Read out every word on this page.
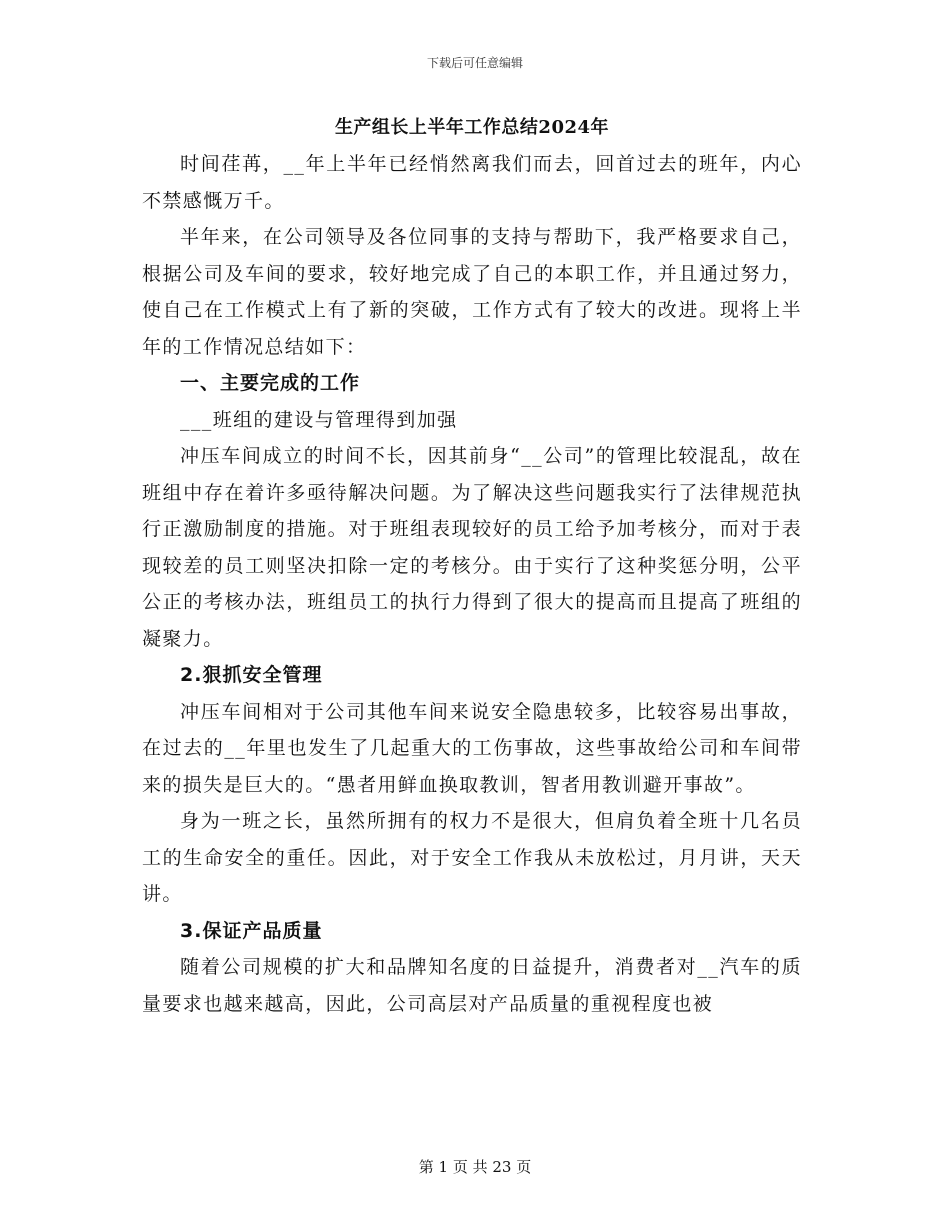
下载后可任意编辑
生产组长上半年工作总结2024年
时间荏苒，__年上半年已经悄然离我们而去，回首过去的班年，内心不禁感慨万千。
半年来，在公司领导及各位同事的支持与帮助下，我严格要求自己，根据公司及车间的要求，较好地完成了自己的本职工作，并且通过努力，使自己在工作模式上有了新的突破，工作方式有了较大的改进。现将上半年的工作情况总结如下：
一、主要完成的工作
___班组的建设与管理得到加强
冲压车间成立的时间不长，因其前身“__公司”的管理比较混乱，故在班组中存在着许多亟待解决问题。为了解决这些问题我实行了法律规范执行正激励制度的措施。对于班组表现较好的员工给予加考核分，而对于表现较差的员工则坚决扣除一定的考核分。由于实行了这种奖惩分明，公平公正的考核办法，班组员工的执行力得到了很大的提高而且提高了班组的凝聚力。
2.狠抓安全管理
冲压车间相对于公司其他车间来说安全隐患较多，比较容易出事故，在过去的__年里也发生了几起重大的工伤事故，这些事故给公司和车间带来的损失是巨大的。“愚者用鲜血换取教训，智者用教训避开事故”。
身为一班之长，虽然所拥有的权力不是很大，但肩负着全班十几名员工的生命安全的重任。因此，对于安全工作我从未放松过，月月讲，天天讲。
3.保证产品质量
随着公司规模的扩大和品牌知名度的日益提升，消费者对__汽车的质量要求也越来越高，因此，公司高层对产品质量的重视程度也被
第 1 页 共 23 页
